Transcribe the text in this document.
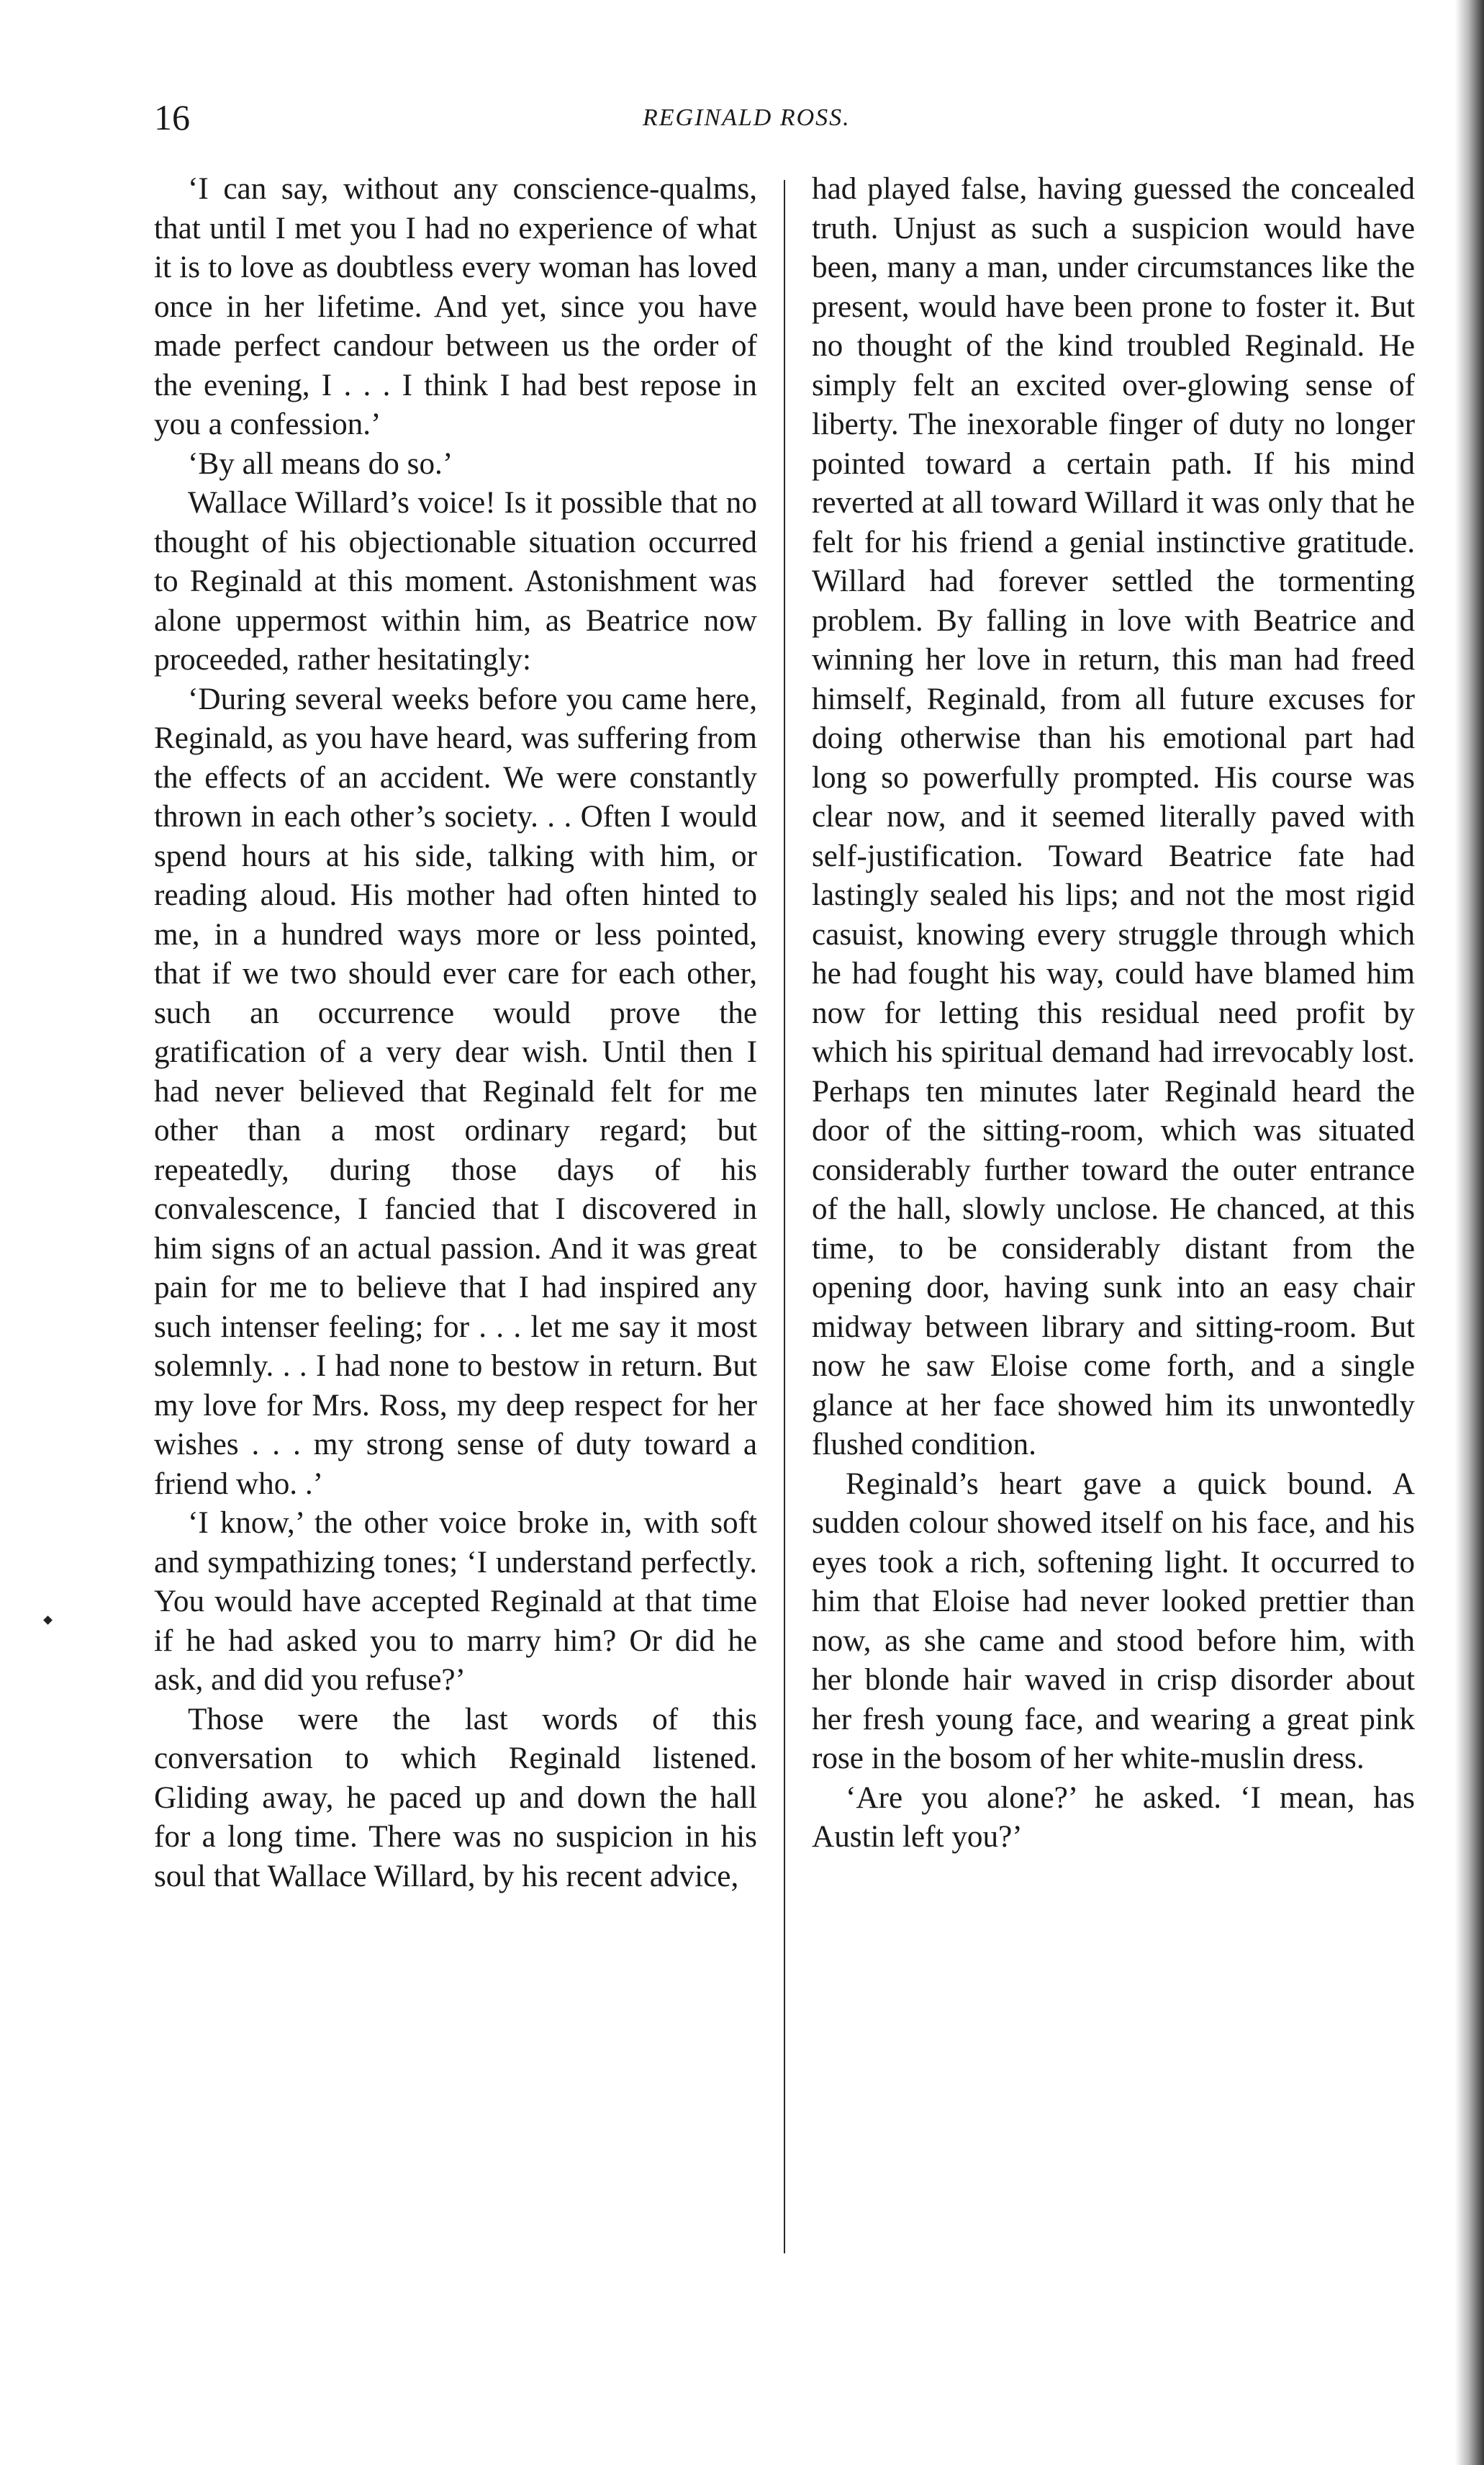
16	REGINALD ROSS.

‘I can say, without any conscience-qualms, that until I met you I had no experience of what it is to love as doubtless every woman has loved once in her lifetime. And yet, since you have made perfect candour between us the order of the evening, I . . . I think I had best repose in you a confession.’

‘By all means do so.’

Wallace Willard’s voice! Is it possible that no thought of his objectionable situation occurred to Reginald at this moment. Astonishment was alone uppermost within him, as Beatrice now proceeded, rather hesitatingly:

‘During several weeks before you came here, Reginald, as you have heard, was suffering from the effects of an accident. We were constantly thrown in each other’s society. . . Often I would spend hours at his side, talking with him, or reading aloud. His mother had often hinted to me, in a hundred ways more or less pointed, that if we two should ever care for each other, such an occurrence would prove the gratification of a very dear wish. Until then I had never believed that Reginald felt for me other than a most ordinary regard; but repeatedly, during those days of his convalescence, I fancied that I discovered in him signs of an actual passion. And it was great pain for me to believe that I had inspired any such intenser feeling; for . . . let me say it most solemnly. . . I had none to bestow in return. But my love for Mrs. Ross, my deep respect for her wishes . . . my strong sense of duty toward a friend who. .’

‘I know,’ the other voice broke in, with soft and sympathizing tones; ‘I understand perfectly. You would have accepted Reginald at that time if he had asked you to marry him? Or did he ask, and did you refuse?’

Those were the last words of this conversation to which Reginald listened. Gliding away, he paced up and down the hall for a long time. There was no suspicion in his soul that Wallace Willard, by his recent advice,

had played false, having guessed the concealed truth. Unjust as such a suspicion would have been, many a man, under circumstances like the present, would have been prone to foster it. But no thought of the kind troubled Reginald. He simply felt an excited over-glowing sense of liberty. The inexorable finger of duty no longer pointed toward a certain path. If his mind reverted at all toward Willard it was only that he felt for his friend a genial instinctive gratitude. Willard had forever settled the tormenting problem. By falling in love with Beatrice and winning her love in return, this man had freed himself, Reginald, from all future excuses for doing otherwise than his emotional part had long so powerfully prompted. His course was clear now, and it seemed literally paved with self-justification. Toward Beatrice fate had lastingly sealed his lips; and not the most rigid casuist, knowing every struggle through which he had fought his way, could have blamed him now for letting this residual need profit by which his spiritual demand had irrevocably lost. Perhaps ten minutes later Reginald heard the door of the sitting-room, which was situated considerably further toward the outer entrance of the hall, slowly unclose. He chanced, at this time, to be considerably distant from the opening door, having sunk into an easy chair midway between library and sitting-room. But now he saw Eloise come forth, and a single glance at her face showed him its unwontedly flushed condition.

Reginald’s heart gave a quick bound. A sudden colour showed itself on his face, and his eyes took a rich, softening light. It occurred to him that Eloise had never looked prettier than now, as she came and stood before him, with her blonde hair waved in crisp disorder about her fresh young face, and wearing a great pink rose in the bosom of her white-muslin dress.

‘Are you alone?’ he asked. ‘I mean, has Austin left you?’
